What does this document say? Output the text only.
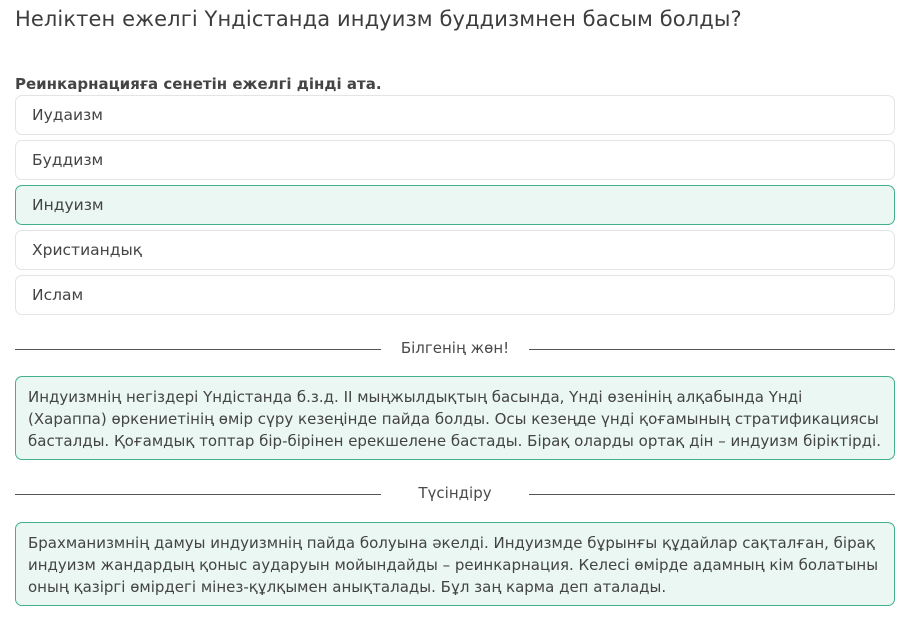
Неліктен ежелгі Үндістанда индуизм буддизмнен басым болды?
Реинкарнацияға сенетін ежелгі дінді ата.
Иудаизм
Буддизм
Индуизм
Христиандық
Ислам
Білгенің жөн!
Индуизмнің негіздері Үндістанда б.з.д. II мыңжылдықтың басында, Үнді өзенінің алқабында Үнді (Хараппа) өркениетінің өмір сүру кезеңінде пайда болды. Осы кезеңде үнді қоғамының стратификациясы басталды. Қоғамдық топтар бір-бірінен ерекшелене бастады. Бірақ оларды ортақ дін – индуизм біріктірді.
Түсіндіру
Брахманизмнің дамуы индуизмнің пайда болуына әкелді. Индуизмде бұрынғы құдайлар сақталған, бірақ индуизм жандардың қоныс аударуын мойындайды – реинкарнация. Келесі өмірде адамның кім болатыны оның қазіргі өмірдегі мінез-құлқымен анықталады. Бұл заң карма деп аталады.
